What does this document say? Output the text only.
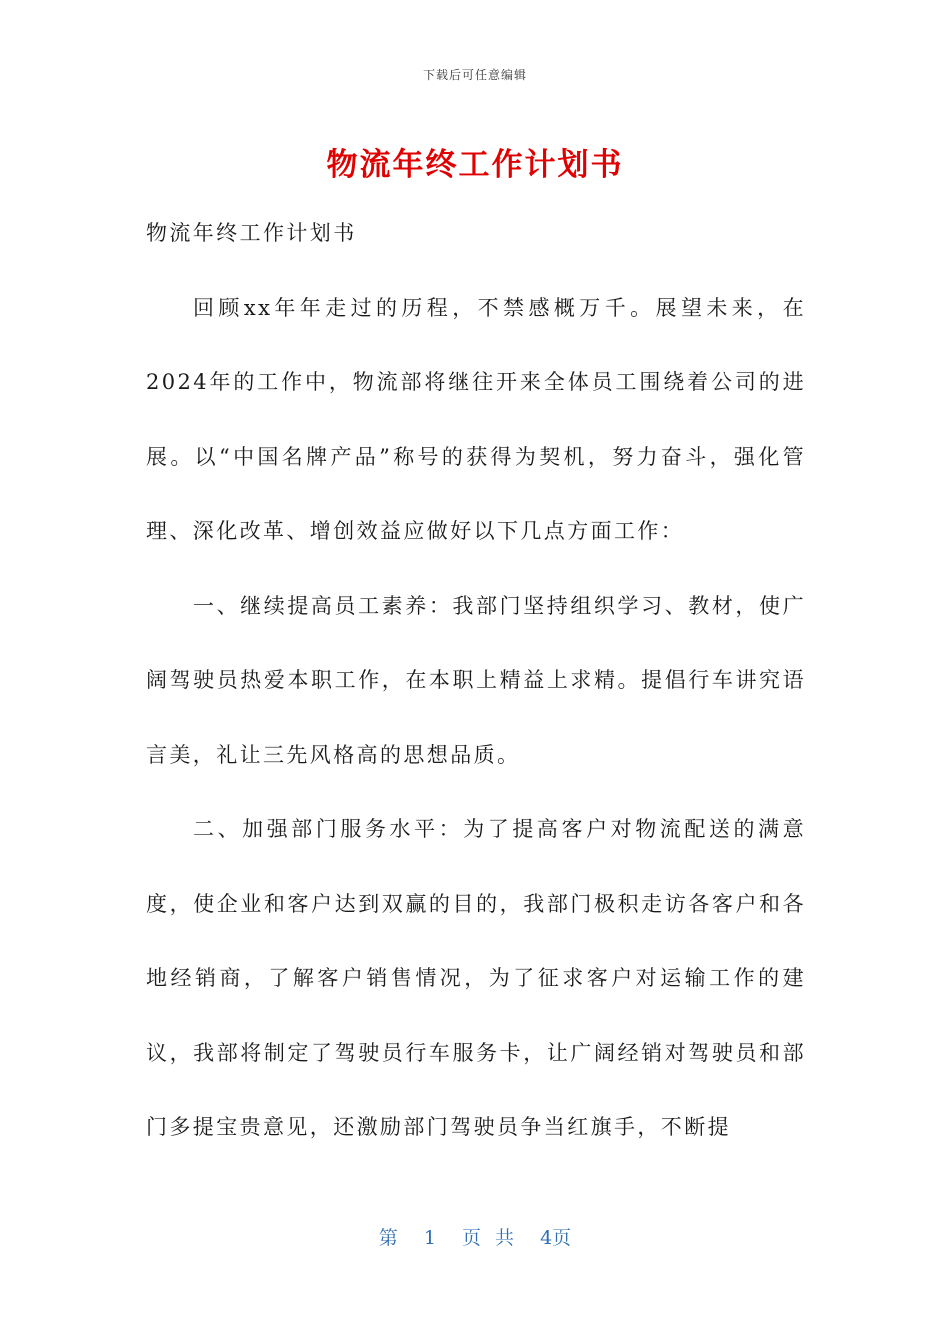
下载后可任意编辑
物流年终工作计划书

物流年终工作计划书

回顾xx年年走过的历程，不禁感概万千。展望未来，在2024年的工作中，物流部将继往开来全体员工围绕着公司的进展。以“中国名牌产品”称号的获得为契机，努力奋斗，强化管理、深化改革、增创效益应做好以下几点方面工作：

一、继续提高员工素养：我部门坚持组织学习、教材，使广阔驾驶员热爱本职工作，在本职上精益上求精。提倡行车讲究语言美，礼让三先风格高的思想品质。

二、加强部门服务水平：为了提高客户对物流配送的满意度，使企业和客户达到双赢的目的，我部门极积走访各客户和各地经销商，了解客户销售情况，为了征求客户对运输工作的建议，我部将制定了驾驶员行车服务卡，让广阔经销对驾驶员和部门多提宝贵意见，还激励部门驾驶员争当红旗手，不断提

第 1 页 共 4页
